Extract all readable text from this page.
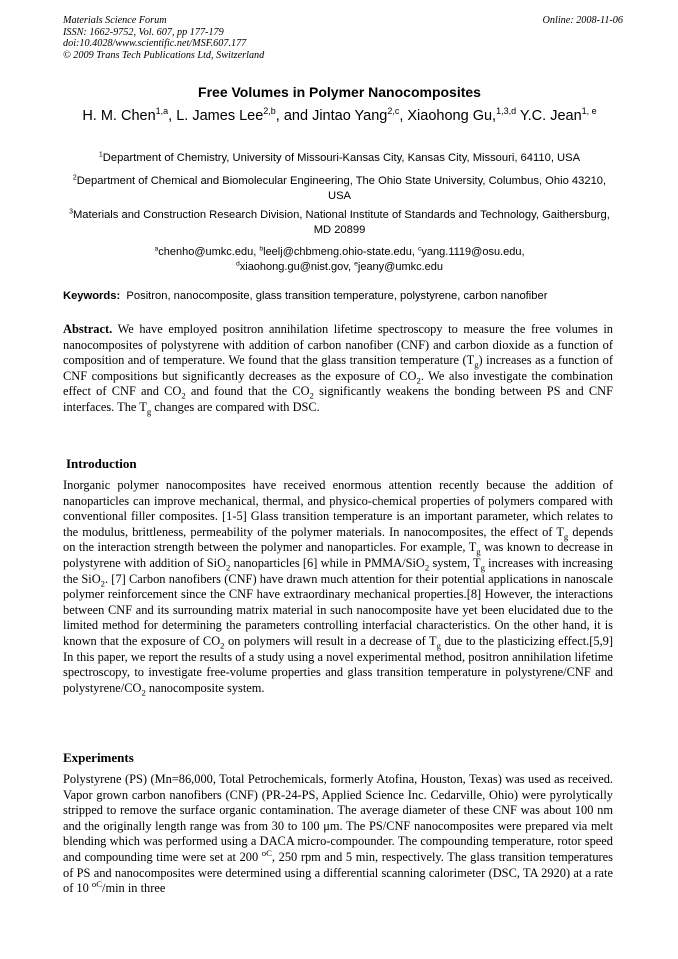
Materials Science Forum
ISSN: 1662-9752, Vol. 607, pp 177-179
doi:10.4028/www.scientific.net/MSF.607.177
© 2009 Trans Tech Publications Ltd, Switzerland
Online: 2008-11-06
Free Volumes in Polymer Nanocomposites
H. M. Chen$^{1,a}$, L. James Lee$^{2,b}$, and Jintao Yang$^{2,c}$, Xiaohong Gu,$^{1,3,d}$ Y.C. Jean$^{1, e}$
$^1$Department of Chemistry, University of Missouri-Kansas City, Kansas City, Missouri, 64110, USA
$^2$Department of Chemical and Biomolecular Engineering, The Ohio State University, Columbus, Ohio 43210, USA
$^3$Materials and Construction Research Division, National Institute of Standards and Technology, Gaithersburg, MD 20899
$^a$chenho@umkc.edu, $^b$leelj@chbmeng.ohio-state.edu, $^c$yang.1119@osu.edu,
$^d$xiaohong.gu@nist.gov, $^e$jeany@umkc.edu
Keywords: Positron, nanocomposite, glass transition temperature, polystyrene, carbon nanofiber
Abstract. We have employed positron annihilation lifetime spectroscopy to measure the free volumes in nanocomposites of polystyrene with addition of carbon nanofiber (CNF) and carbon dioxide as a function of composition and of temperature. We found that the glass transition temperature $(T_g)$ increases as a function of CNF compositions but significantly decreases as the exposure of $CO_2$. We also investigate the combination effect of CNF and $CO_2$ and found that the $CO_2$ significantly weakens the bonding between PS and CNF interfaces. The $T_g$ changes are compared with DSC.
Introduction
Inorganic polymer nanocomposites have received enormous attention recently because the addition of nanoparticles can improve mechanical, thermal, and physico-chemical properties of polymers compared with conventional filler composites. [1-5] Glass transition temperature is an important parameter, which relates to the modulus, brittleness, permeability of the polymer materials. In nanocomposites, the effect of $T_g$ depends on the interaction strength between the polymer and nanoparticles. For example, $T_g$ was known to decrease in polystyrene with addition of SiO$_2$ nanoparticles [6] while in PMMA/SiO$_2$ system, $T_g$ increases with increasing the SiO$_2$. [7] Carbon nanofibers (CNF) have drawn much attention for their potential applications in nanoscale polymer reinforcement since the CNF have extraordinary mechanical properties.[8] However, the interactions between CNF and its surrounding matrix material in such nanocomposite have yet been elucidated due to the limited method for determining the parameters controlling interfacial characteristics. On the other hand, it is known that the exposure of $CO_2$ on polymers will result in a decrease of $T_g$ due to the plasticizing effect.[5,9] In this paper, we report the results of a study using a novel experimental method, positron annihilation lifetime spectroscopy, to investigate free-volume properties and glass transition temperature in polystyrene/CNF and polystyrene/$CO_2$ nanocomposite system.
Experiments
Polystyrene (PS) (Mn=86,000, Total Petrochemicals, formerly Atofina, Houston, Texas) was used as received. Vapor grown carbon nanofibers (CNF) (PR-24-PS, Applied Science Inc. Cedarville, Ohio) were pyrolytically stripped to remove the surface organic contamination. The average diameter of these CNF was about 100 nm and the originally length range was from 30 to 100 μm. The PS/CNF nanocomposites were prepared via melt blending which was performed using a DACA micro-compounder. The compounding temperature, rotor speed and compounding time were set at 200 $^{oC}$, 250 rpm and 5 min, respectively. The glass transition temperatures of PS and nanocomposites were determined using a differential scanning calorimeter (DSC, TA 2920) at a rate of 10 $^{oC}$/min in three
